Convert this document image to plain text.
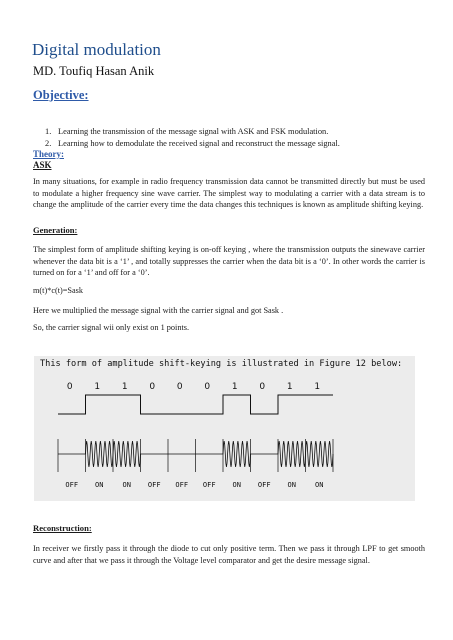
Digital modulation
MD. Toufiq Hasan Anik
Objective:
1. Learning the transmission of the message signal with ASK and FSK modulation.
2. Learning how to demodulate the received signal and reconstruct the message signal.
Theory:
ASK
In many situations, for example in radio frequency transmission data cannot be transmitted directly but must be used to modulate a higher frequency sine wave carrier. The simplest way to modulating a carrier with a data stream is to change the amplitude of the carrier every time the data changes this techniques is known as amplitude shifting keying.
Generation:
The simplest form of amplitude shifting keying is on-off keying , where the transmission outputs the sinewave carrier whenever the data bit is a ‘1’ , and totally suppresses the carrier when the data bit is a ‘0’. In other words the carrier is turned on for a ‘1’ and off for a ‘0’.
m(t)*c(t)=Sask
Here we multiplied the message signal with the carrier signal and got Sask .
So, the carrier signal wii only exist on 1 points.
This form of amplitude shift-keying is illustrated in Figure 12 below:
0 1 1 0 0 0 1 0 1 1
OFF ON	ON OFF OFF OFF ON OFF ON	ON
Reconstruction:
In receiver we firstly pass it through the diode to cut only positive term. Then we pass it through LPF to get smooth curve and after that we pass it through the Voltage level comparator and get the desire message signal.
